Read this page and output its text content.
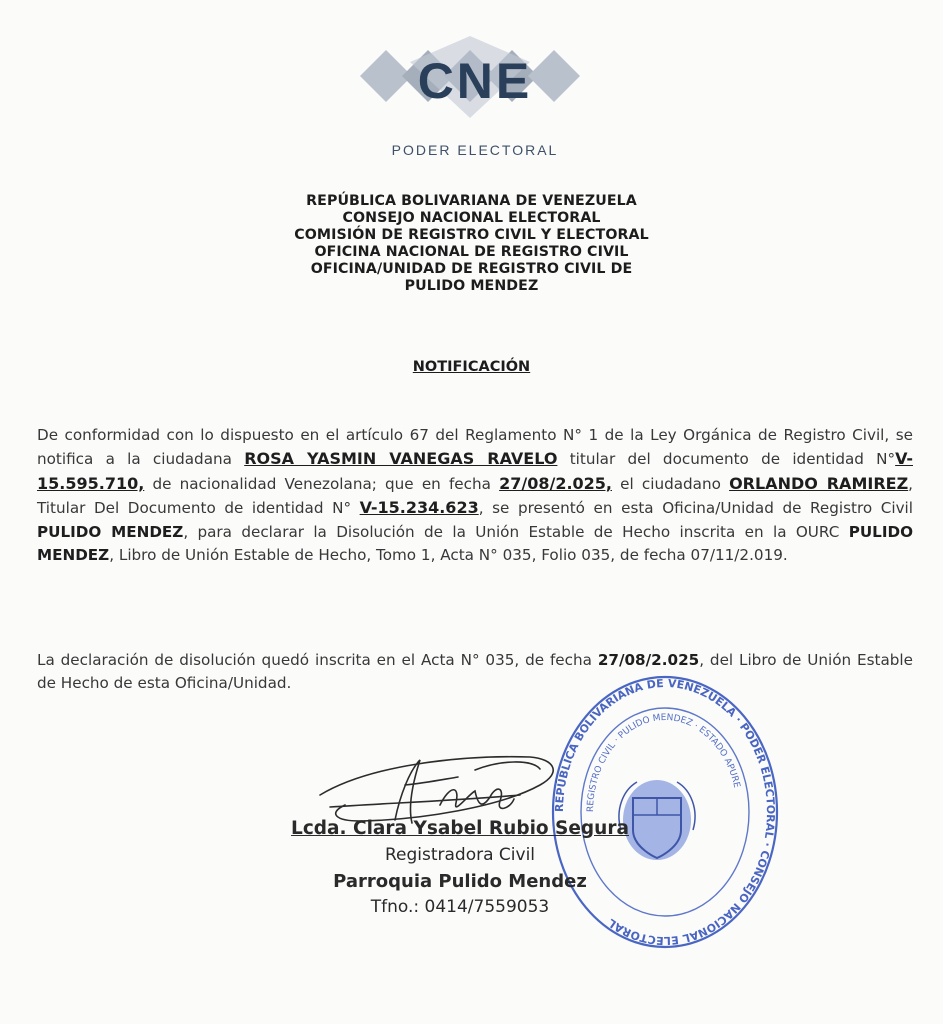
CNE
PODER ELECTORAL
REPÚBLICA BOLIVARIANA DE VENEZUELA
CONSEJO NACIONAL ELECTORAL
COMISIÓN DE REGISTRO CIVIL Y ELECTORAL
OFICINA NACIONAL DE REGISTRO CIVIL
OFICINA/UNIDAD DE REGISTRO CIVIL DE
PULIDO MENDEZ
NOTIFICACIÓN
De conformidad con lo dispuesto en el artículo 67 del Reglamento N° 1 de la Ley Orgánica de Registro Civil, se notifica a la ciudadana ROSA YASMIN VANEGAS RAVELO titular del documento de identidad N°V-15.595.710, de nacionalidad Venezolana; que en fecha 27/08/2.025, el ciudadano ORLANDO RAMIREZ, Titular Del Documento de identidad N° V-15.234.623, se presentó en esta Oficina/Unidad de Registro Civil PULIDO MENDEZ, para declarar la Disolución de la Unión Estable de Hecho inscrita en la OURC PULIDO MENDEZ, Libro de Unión Estable de Hecho, Tomo 1, Acta N° 035, Folio 035, de fecha 07/11/2.019.
La declaración de disolución quedó inscrita en el Acta N° 035, de fecha 27/08/2.025, del Libro de Unión Estable de Hecho de esta Oficina/Unidad.
REPÚBLICA BOLIVARIANA DE VENEZUELA · PODER ELECTORAL · CONSEJO NACIONAL ELECTORAL
REGISTRO CIVIL · PULIDO MENDEZ · ESTADO APURE
Lcda. Clara Ysabel Rubio Segura
Registradora Civil
Parroquia Pulido Mendez
Tfno.: 0414/7559053
